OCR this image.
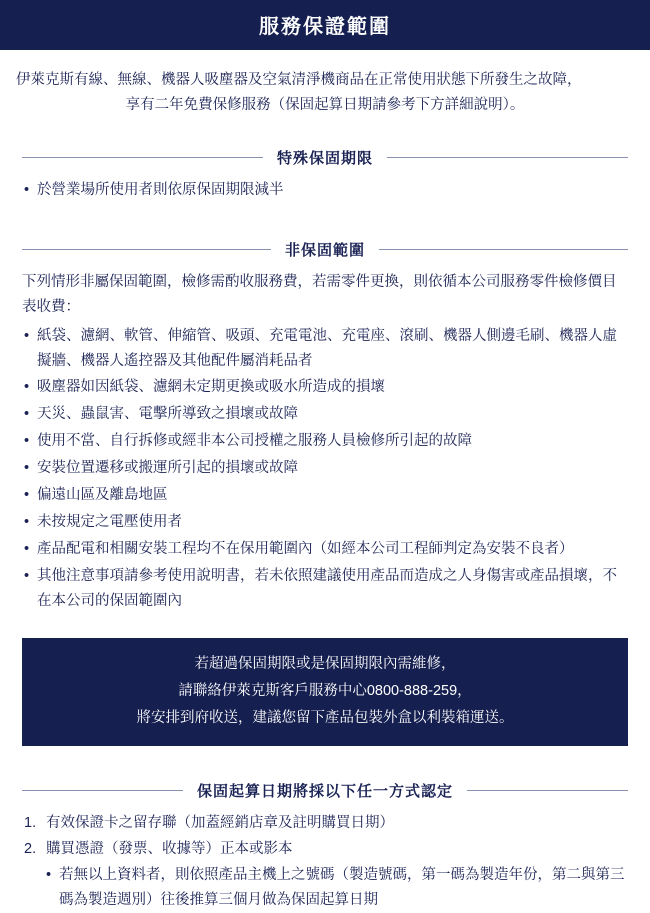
服務保證範圍
伊萊克斯有線、無線、機器人吸塵器及空氣清淨機商品在正常使用狀態下所發生之故障，
享有二年免費保修服務（保固起算日期請參考下方詳細說明）。
特殊保固期限
• 於營業場所使用者則依原保固期限減半
非保固範圍

下列情形非屬保固範圍，檢修需酌收服務費，若需零件更換，則依循本公司服務零件檢修價目表收費：

• 紙袋、濾網、軟管、伸縮管、吸頭、充電電池、充電座、滾刷、機器人側邊毛刷、機器人虛擬牆、機器人遙控器及其他配件屬消耗品者
• 吸塵器如因紙袋、濾網未定期更換或吸水所造成的損壞
• 天災、蟲鼠害、電擊所導致之損壞或故障
• 使用不當、自行拆修或經非本公司授權之服務人員檢修所引起的故障
• 安裝位置遷移或搬運所引起的損壞或故障
• 偏遠山區及離島地區
• 未按規定之電壓使用者
• 產品配電和相關安裝工程均不在保用範圍內（如經本公司工程師判定為安裝不良者）
• 其他注意事項請參考使用說明書，若未依照建議使用產品而造成之人身傷害或產品損壞，不在本公司的保固範圍內
若超過保固期限或是保固期限內需維修，
請聯絡伊萊克斯客戶服務中心0800-888-259，
將安排到府收送，建議您留下產品包裝外盒以利裝箱運送。
保固起算日期將採以下任一方式認定
有效保證卡之留存聯（加蓋經銷店章及註明購買日期）
購買憑證（發票、收據等）正本或影本
• 若無以上資料者，則依照產品主機上之號碼（製造號碼，第一碼為製造年份，第二與第三碼為製造週別）往後推算三個月做為保固起算日期
